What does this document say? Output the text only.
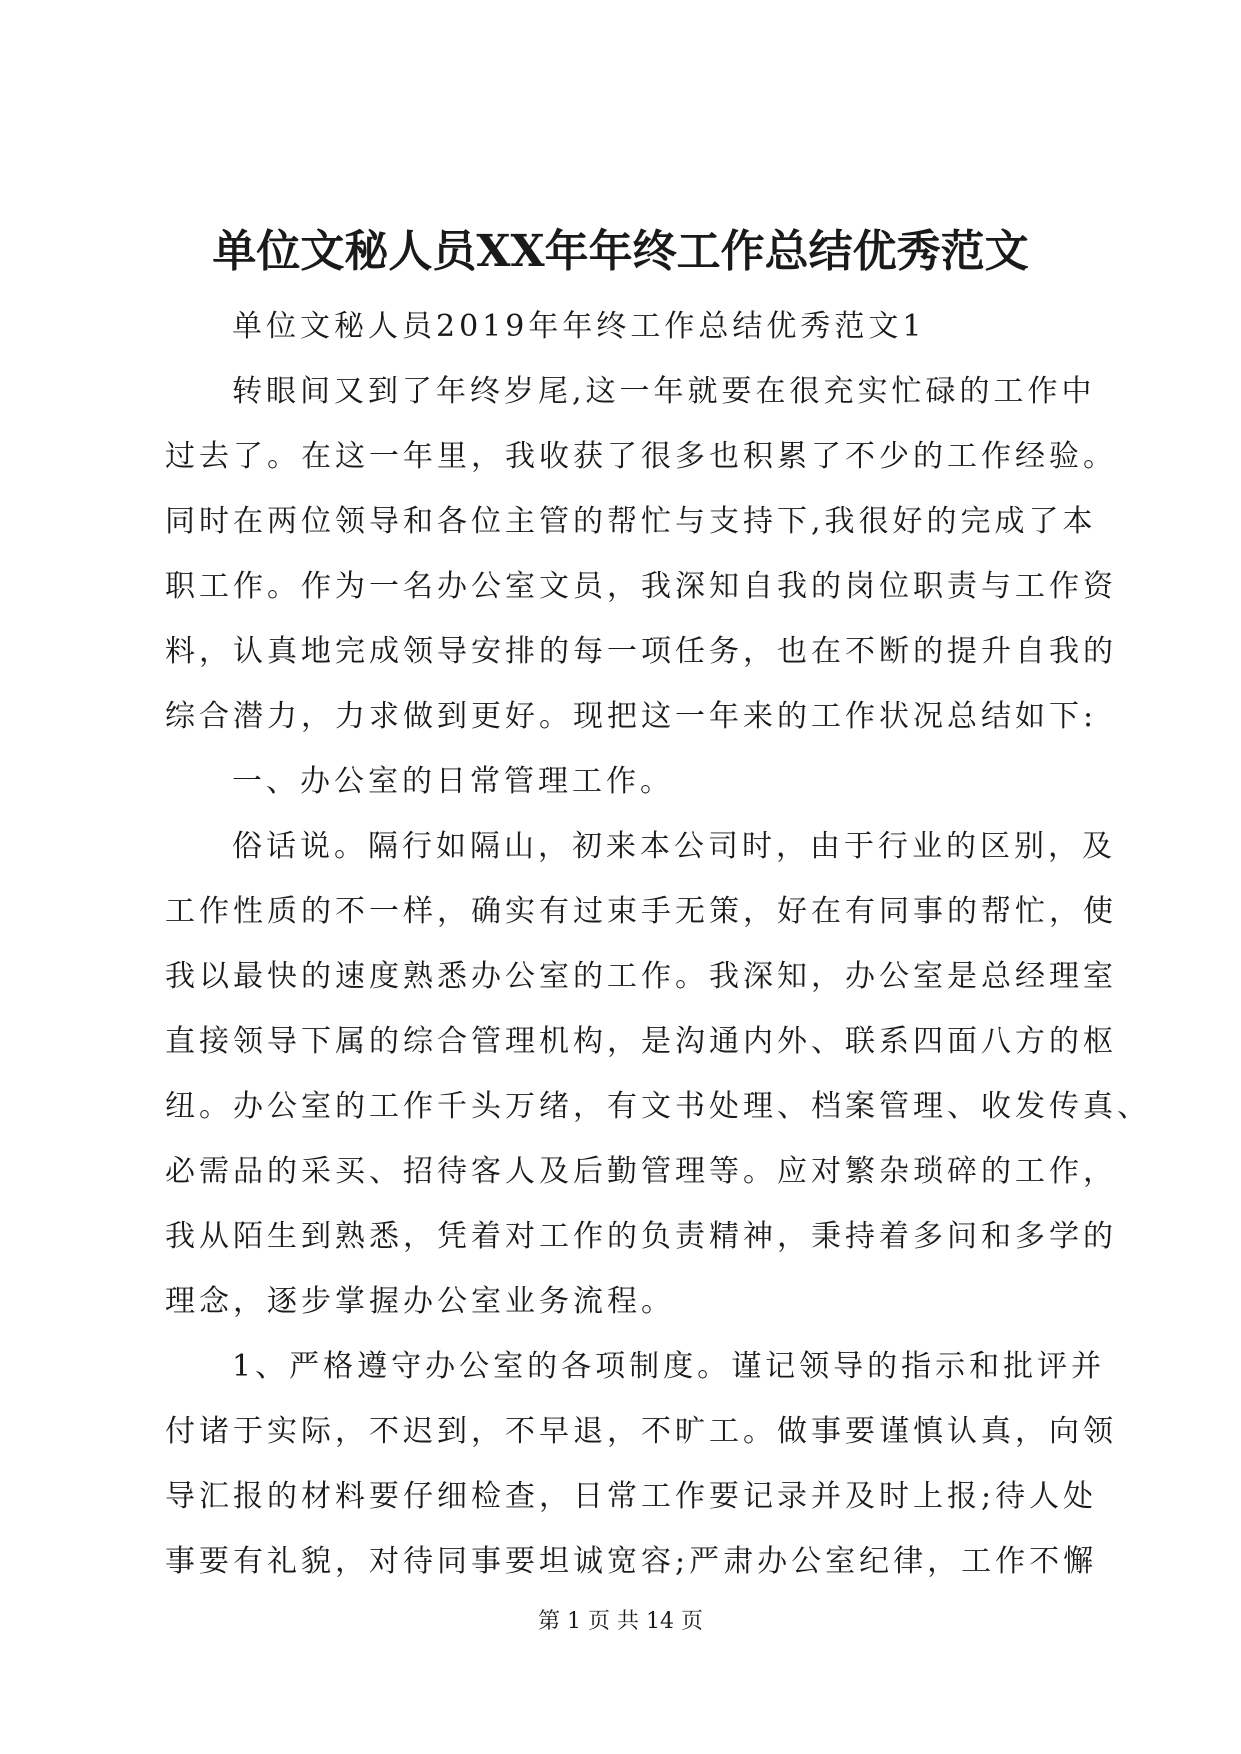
单位文秘人员XX年年终工作总结优秀范文
单位文秘人员2019年年终工作总结优秀范文1
转眼间又到了年终岁尾,这一年就要在很充实忙碌的工作中
过去了。在这一年里，我收获了很多也积累了不少的工作经验。
同时在两位领导和各位主管的帮忙与支持下,我很好的完成了本
职工作。作为一名办公室文员，我深知自我的岗位职责与工作资
料，认真地完成领导安排的每一项任务，也在不断的提升自我的
综合潜力，力求做到更好。现把这一年来的工作状况总结如下:
一、办公室的日常管理工作。
俗话说。隔行如隔山，初来本公司时，由于行业的区别，及
工作性质的不一样，确实有过束手无策，好在有同事的帮忙，使
我以最快的速度熟悉办公室的工作。我深知，办公室是总经理室
直接领导下属的综合管理机构，是沟通内外、联系四面八方的枢
纽。办公室的工作千头万绪，有文书处理、档案管理、收发传真、
必需品的采买、招待客人及后勤管理等。应对繁杂琐碎的工作，
我从陌生到熟悉，凭着对工作的负责精神，秉持着多问和多学的
理念，逐步掌握办公室业务流程。
1、严格遵守办公室的各项制度。谨记领导的指示和批评并
付诸于实际，不迟到，不早退，不旷工。做事要谨慎认真，向领
导汇报的材料要仔细检查，日常工作要记录并及时上报;待人处
事要有礼貌，对待同事要坦诚宽容;严肃办公室纪律，工作不懈
第 1 页 共 14 页
